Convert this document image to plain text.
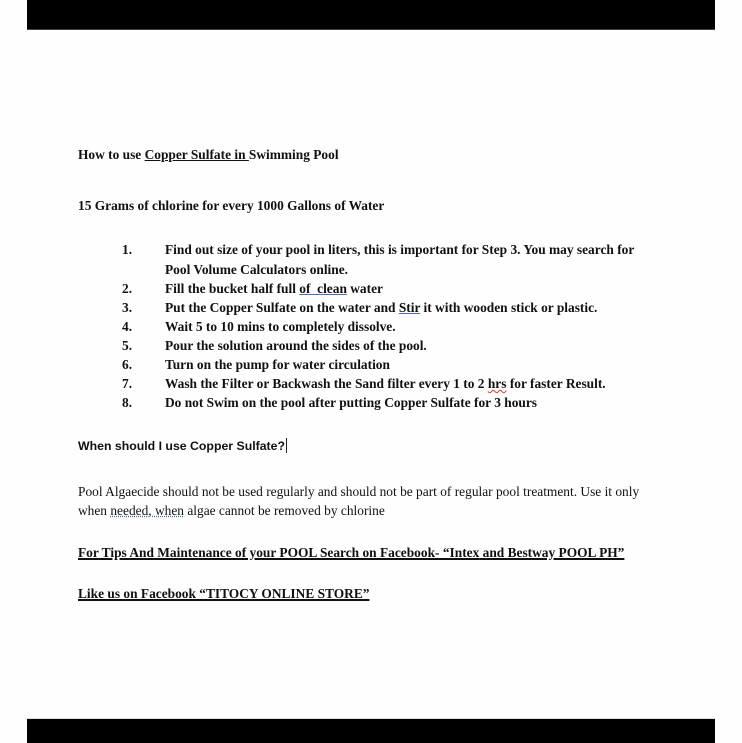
How to use Copper Sulfate in Swimming Pool
15 Grams of chlorine for every 1000 Gallons of Water
1. Find out size of your pool in liters, this is important for Step 3. You may search for
Pool Volume Calculators online.
2. Fill the bucket half full of  clean water
3. Put the Copper Sulfate on the water and Stir it with wooden stick or plastic.
4. Wait 5 to 10 mins to completely dissolve.
5. Pour the solution around the sides of the pool.
6. Turn on the pump for water circulation
7. Wash the Filter or Backwash the Sand filter every 1 to 2 hrs for faster Result.
8. Do not Swim on the pool after putting Copper Sulfate for 3 hours
When should I use Copper Sulfate?
Pool Algaecide should not be used regularly and should not be part of regular pool treatment. Use it only
when needed, when algae cannot be removed by chlorine
For Tips And Maintenance of your POOL Search on Facebook- “Intex and Bestway POOL PH”
Like us on Facebook “TITOCY ONLINE STORE”
